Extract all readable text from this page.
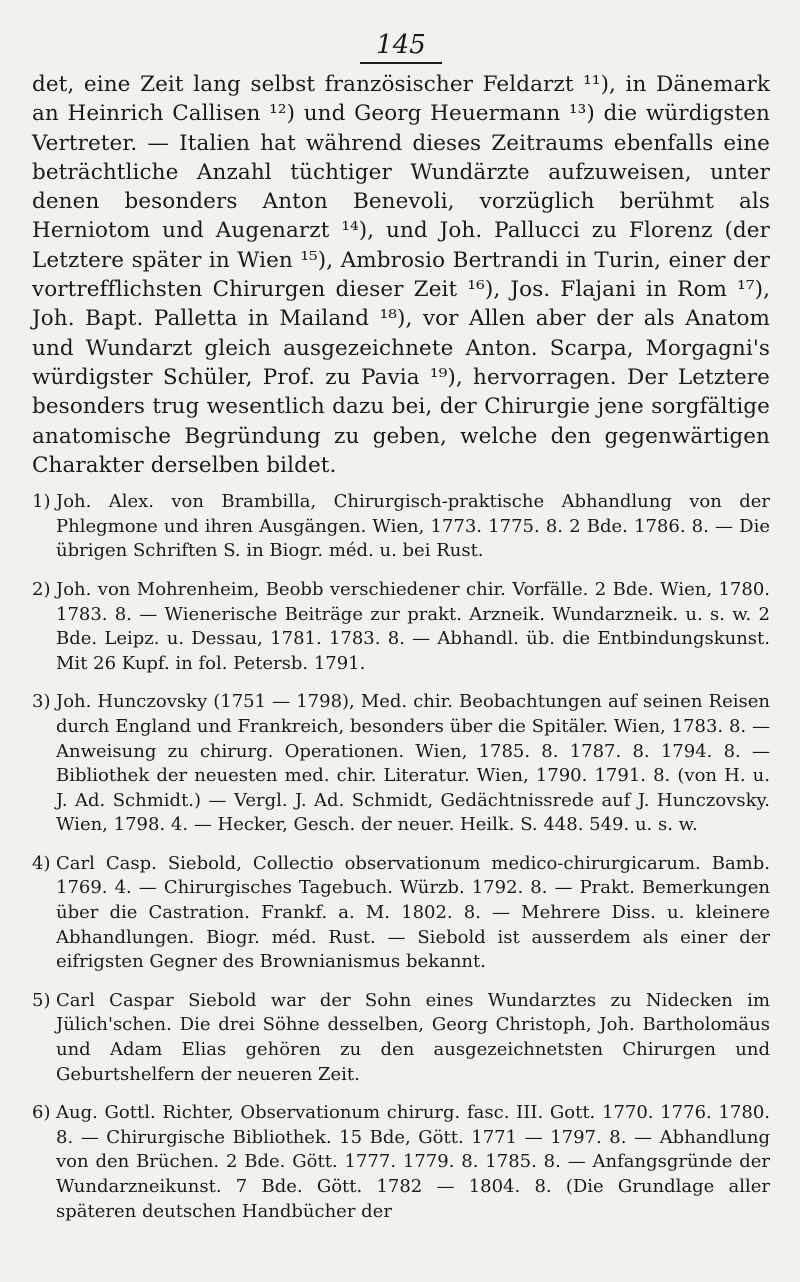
145

det, eine Zeit lang selbst französischer Feldarzt ¹¹), in Dänemark an Heinrich Callisen ¹²) und Georg Heuermann ¹³) die würdigsten Vertreter. — Italien hat während dieses Zeitraums ebenfalls eine beträchtliche Anzahl tüchtiger Wundärzte aufzuweisen, unter denen besonders Anton Benevoli, vorzüglich berühmt als Herniotom und Augenarzt ¹⁴), und Joh. Pallucci zu Florenz (der Letztere später in Wien ¹⁵), Ambrosio Bertrandi in Turin, einer der vortrefflichsten Chirurgen dieser Zeit ¹⁶), Jos. Flajani in Rom ¹⁷), Joh. Bapt. Palletta in Mailand ¹⁸), vor Allen aber der als Anatom und Wundarzt gleich ausgezeichnete Anton. Scarpa, Morgagni's würdigster Schüler, Prof. zu Pavia ¹⁹), hervorragen. Der Letztere besonders trug wesentlich dazu bei, der Chirurgie jene sorgfältige anatomische Begründung zu geben, welche den gegenwärtigen Charakter derselben bildet.

1) Joh. Alex. von Brambilla, Chirurgisch-praktische Abhandlung von der Phlegmone und ihren Ausgängen. Wien, 1773. 1775. 8. 2 Bde. 1786. 8. — Die übrigen Schriften S. in Biogr. méd. u. bei Rust.
2) Joh. von Mohrenheim, Beobb verschiedener chir. Vorfälle. 2 Bde. Wien, 1780. 1783. 8. — Wienerische Beiträge zur prakt. Arzneik. Wundarzneik. u. s. w. 2 Bde. Leipz. u. Dessau, 1781. 1783. 8. — Abhandl. üb. die Entbindungskunst. Mit 26 Kupf. in fol. Petersb. 1791.
3) Joh. Hunczovsky (1751 — 1798), Med. chir. Beobachtungen auf seinen Reisen durch England und Frankreich, besonders über die Spitäler. Wien, 1783. 8. — Anweisung zu chirurg. Operationen. Wien, 1785. 8. 1787. 8. 1794. 8. — Bibliothek der neuesten med. chir. Literatur. Wien, 1790. 1791. 8. (von H. u. J. Ad. Schmidt.) — Vergl. J. Ad. Schmidt, Gedächtnissrede auf J. Hunczovsky. Wien, 1798. 4. — Hecker, Gesch. der neuer. Heilk. S. 448. 549. u. s. w.
4) Carl Casp. Siebold, Collectio observationum medico-chirurgicarum. Bamb. 1769. 4. — Chirurgisches Tagebuch. Würzb. 1792. 8. — Prakt. Bemerkungen über die Castration. Frankf. a. M. 1802. 8. — Mehrere Diss. u. kleinere Abhandlungen. Biogr. méd. Rust. — Siebold ist ausserdem als einer der eifrigsten Gegner des Brownianismus bekannt.
5) Carl Caspar Siebold war der Sohn eines Wundarztes zu Nidecken im Jülich'schen. Die drei Söhne desselben, Georg Christoph, Joh. Bartholomäus und Adam Elias gehören zu den ausgezeichnetsten Chirurgen und Geburtshelfern der neueren Zeit.
6) Aug. Gottl. Richter, Observationum chirurg. fasc. III. Gott. 1770. 1776. 1780. 8. — Chirurgische Bibliothek. 15 Bde, Gött. 1771 — 1797. 8. — Abhandlung von den Brüchen. 2 Bde. Gött. 1777. 1779. 8. 1785. 8. — Anfangsgründe der Wundarzneikunst. 7 Bde. Gött. 1782 — 1804. 8. (Die Grundlage aller späteren deutschen Handbücher der
